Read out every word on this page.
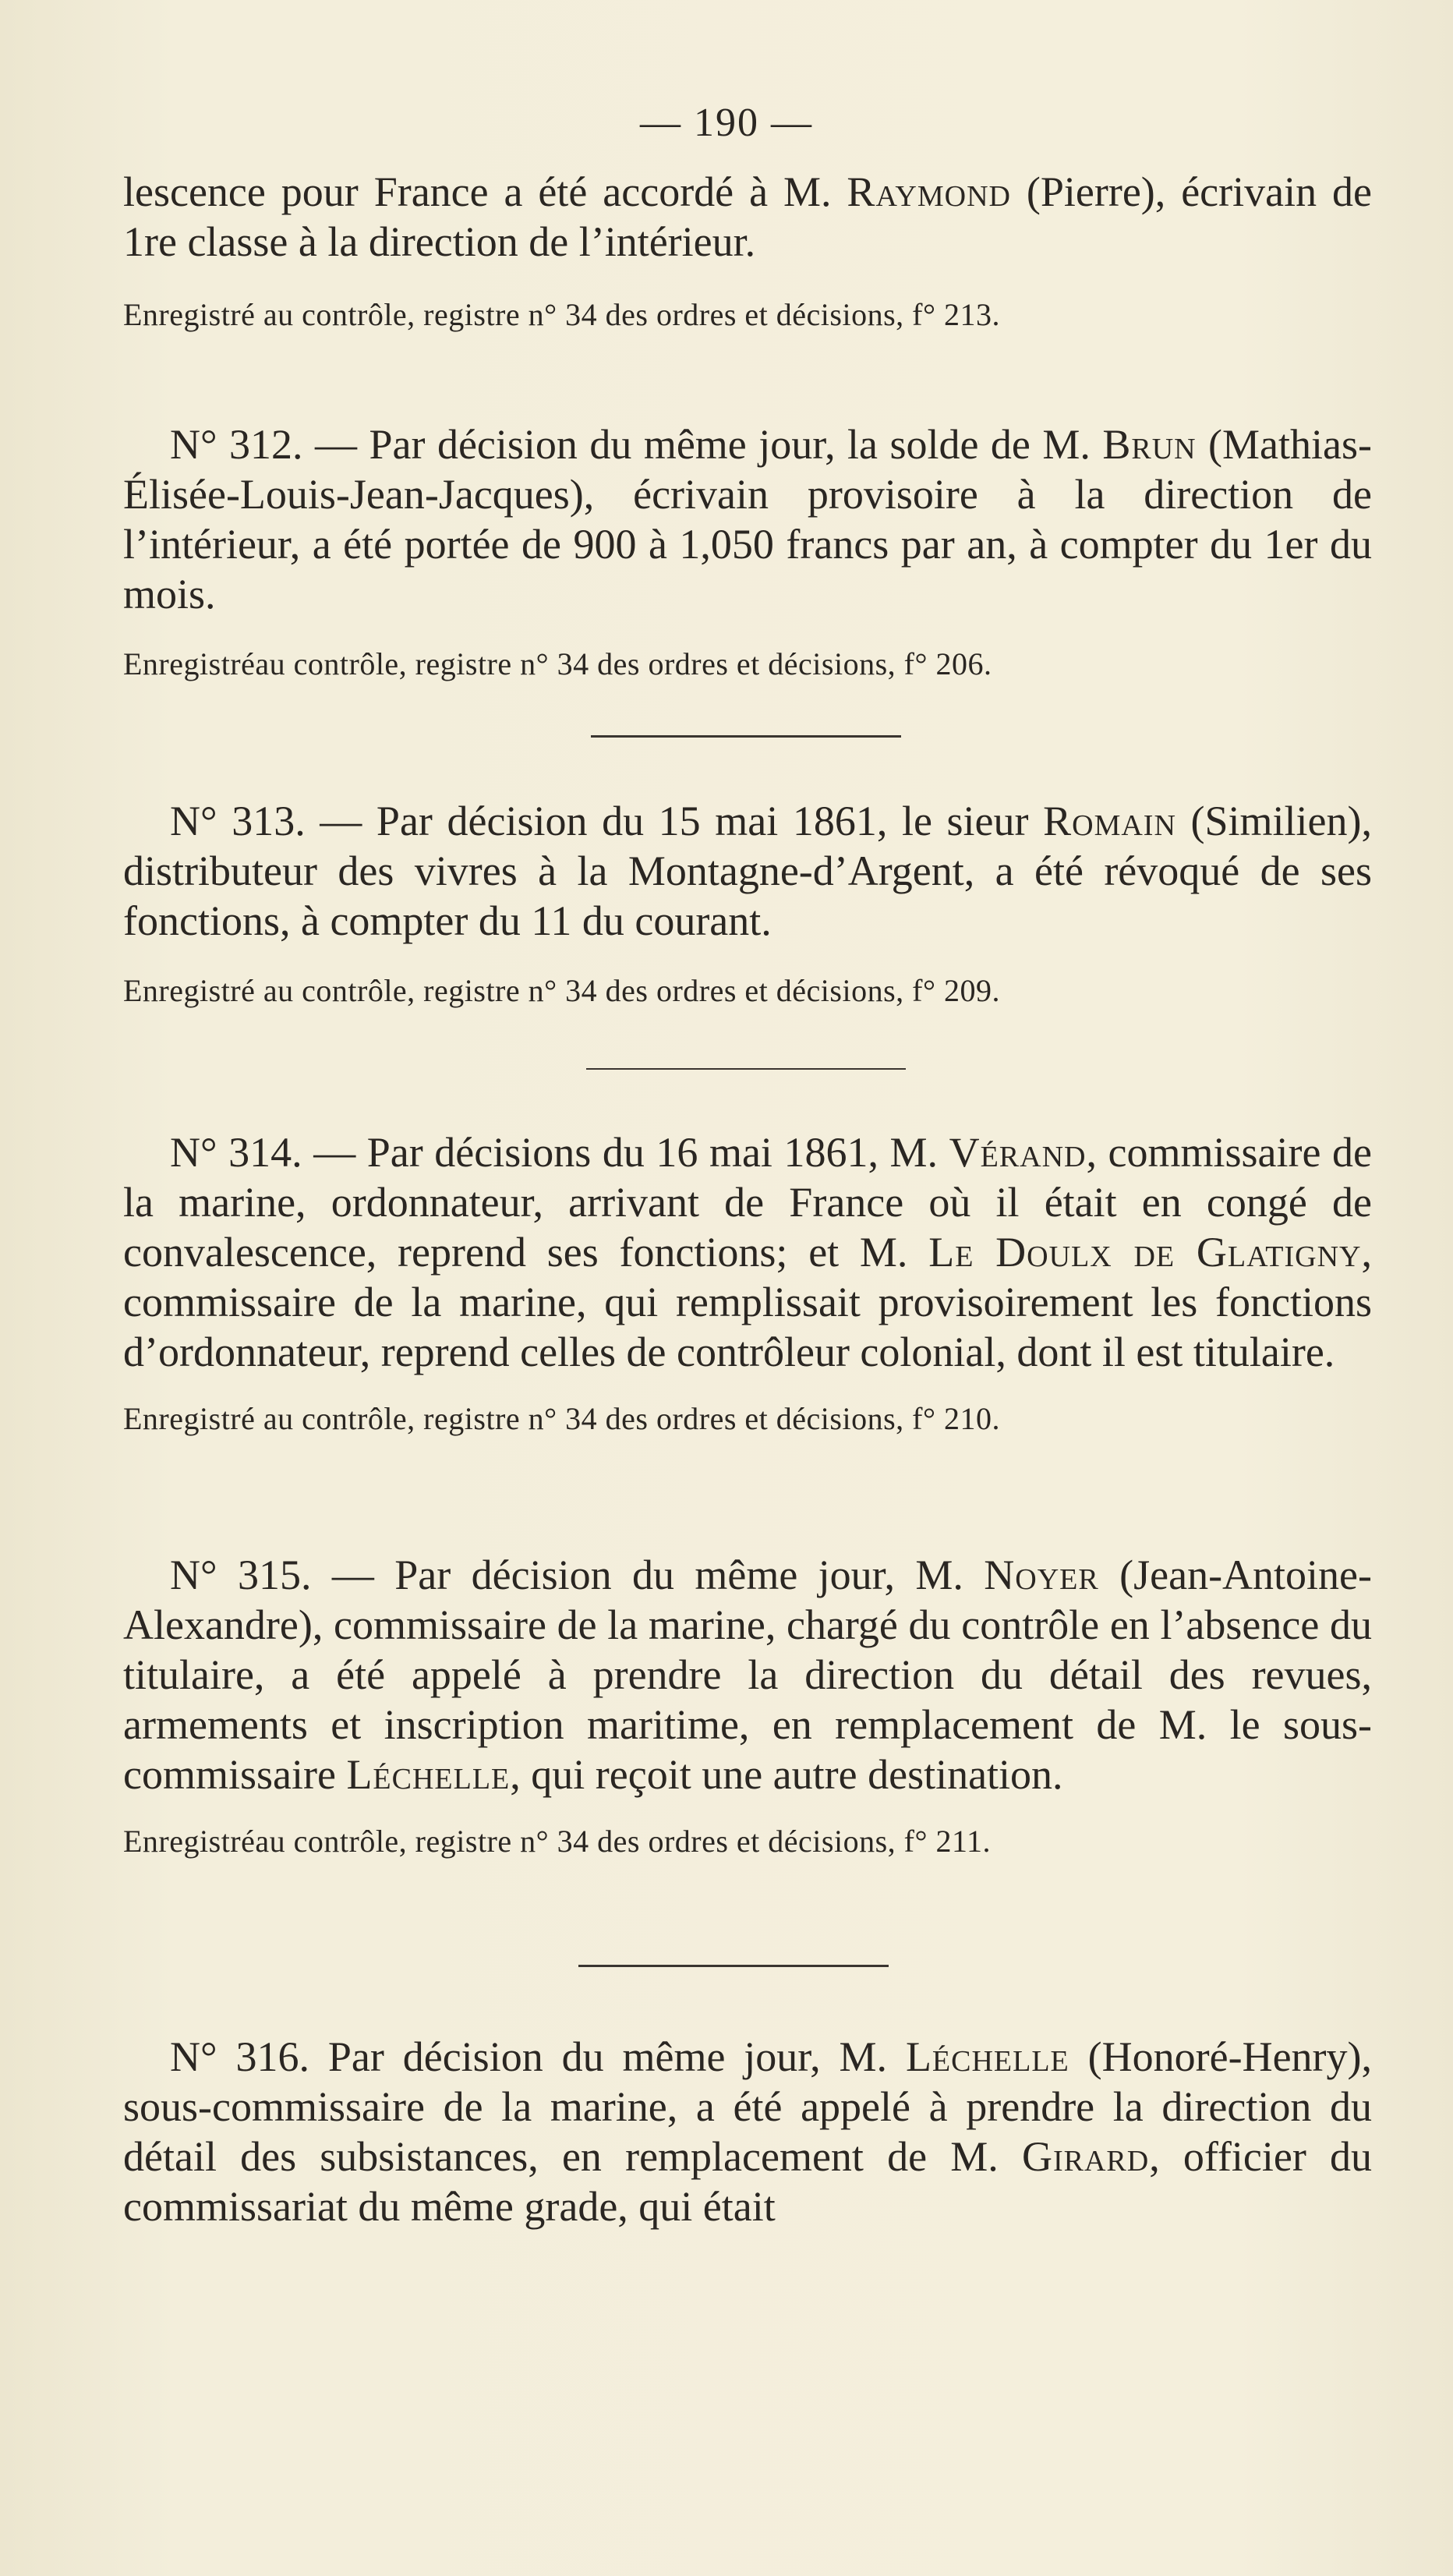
— 190 —

lescence pour France a été accordé à M. Raymond (Pierre), écrivain de 1re classe à la direction de l’intérieur.

Enregistré au contrôle, registre n° 34 des ordres et décisions, f° 213.

N° 312. — Par décision du même jour, la solde de M. Brun (Mathias-Élisée-Louis-Jean-Jacques), écrivain provisoire à la direction de l’intérieur, a été portée de 900 à 1,050 francs par an, à compter du 1er du mois.

Enregistréau contrôle, registre n° 34 des ordres et décisions, f° 206.

N° 313. — Par décision du 15 mai 1861, le sieur Romain (Similien), distributeur des vivres à la Montagne-d’Argent, a été révoqué de ses fonctions, à compter du 11 du courant.

Enregistré au contrôle, registre n° 34 des ordres et décisions, f° 209.

N° 314. — Par décisions du 16 mai 1861, M. Vérand, commissaire de la marine, ordonnateur, arrivant de France où il était en congé de convalescence, reprend ses fonctions; et M. Le Doulx de Glatigny, commissaire de la marine, qui remplissait provisoirement les fonctions d’ordonnateur, reprend celles de contrôleur colonial, dont il est titulaire.

Enregistré au contrôle, registre n° 34 des ordres et décisions, f° 210.

N° 315. — Par décision du même jour, M. Noyer (Jean-Antoine-Alexandre), commissaire de la marine, chargé du contrôle en l’absence du titulaire, a été appelé à prendre la direction du détail des revues, armements et inscription maritime, en remplacement de M. le sous-commissaire Léchelle, qui reçoit une autre destination.

Enregistréau contrôle, registre n° 34 des ordres et décisions, f° 211.

N° 316. Par décision du même jour, M. Léchelle (Honoré-Henry), sous-commissaire de la marine, a été appelé à prendre la direction du détail des subsistances, en remplacement de M. Girard, officier du commissariat du même grade, qui était
